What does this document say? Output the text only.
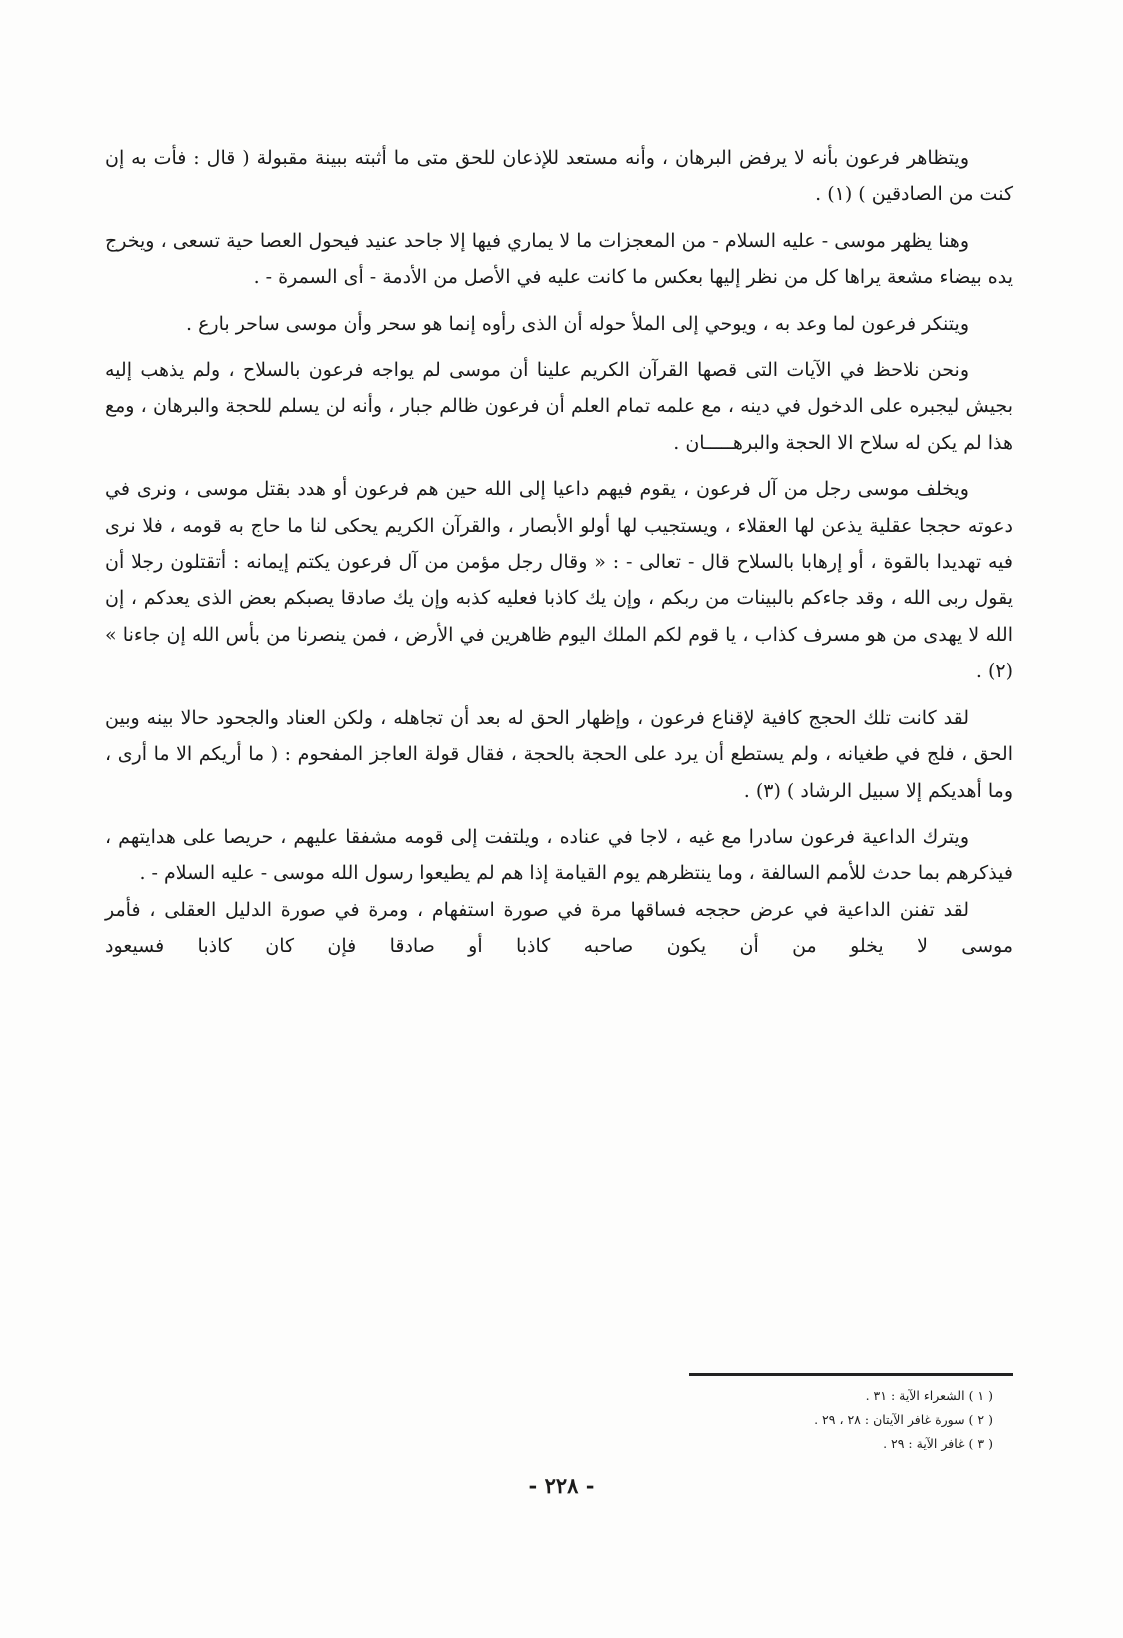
ويتظاهر فرعون بأنه لا يرفض البرهان ، وأنه مستعد للإذعان للحق متى ما أثبته ببينة مقبولة ( قال : فأت به إن كنت من الصادقين ) (١) .

وهنا يظهر موسى - عليه السلام - من المعجزات ما لا يماري فيها إلا جاحد عنيد فيحول العصا حية تسعى ، ويخرج يده بيضاء مشعة يراها كل من نظر إليها بعكس ما كانت عليه في الأصل من الأدمة - أى السمرة - .

ويتنكر فرعون لما وعد به ، ويوحي إلى الملأ حوله أن الذى رأوه إنما هو سحر وأن موسى ساحر بارع .

ونحن نلاحظ في الآيات التى قصها القرآن الكريم علينا أن موسى لم يواجه فرعون بالسلاح ، ولم يذهب إليه بجيش ليجبره على الدخول في دينه ، مع علمه تمام العلم أن فرعون ظالم جبار ، وأنه لن يسلم للحجة والبرهان ، ومع هذا لم يكن له سلاح الا الحجة والبرهـــــان .

ويخلف موسى رجل من آل فرعون ، يقوم فيهم داعيا إلى الله حين هم فرعون أو هدد بقتل موسى ، ونرى في دعوته حججا عقلية يذعن لها العقلاء ، ويستجيب لها أولو الأبصار ، والقرآن الكريم يحكى لنا ما حاج به قومه ، فلا نرى فيه تهديدا بالقوة ، أو إرهابا بالسلاح قال - تعالى - : « وقال رجل مؤمن من آل فرعون يكتم إيمانه : أتقتلون رجلا أن يقول ربى الله ، وقد جاءكم بالبينات من ربكم ، وإن يك كاذبا فعليه كذبه وإن يك صادقا يصبكم بعض الذى يعدكم ، إن الله لا يهدى من هو مسرف كذاب ، يا قوم لكم الملك اليوم ظاهرين في الأرض ، فمن ينصرنا من بأس الله إن جاءنا » (٢) .

لقد كانت تلك الحجج كافية لإقناع فرعون ، وإظهار الحق له بعد أن تجاهله ، ولكن العناد والجحود حالا بينه وبين الحق ، فلج في طغيانه ، ولم يستطع أن يرد على الحجة بالحجة ، فقال قولة العاجز المفحوم : ( ما أريكم الا ما أرى ، وما أهديكم إلا سبيل الرشاد ) (٣) .

ويترك الداعية فرعون سادرا مع غيه ، لاجا في عناده ، ويلتفت إلى قومه مشفقا عليهم ، حريصا على هدايتهم ، فيذكرهم بما حدث للأمم السالفة ، وما ينتظرهم يوم القيامة إذا هم لم يطيعوا رسول الله موسى - عليه السلام - .

لقد تفنن الداعية في عرض حججه فساقها مرة في صورة استفهام ، ومرة في صورة الدليل العقلى ، فأمر موسى لا يخلو من أن يكون صاحبه كاذبا أو صادقا فإن كان كاذبا فسيعود

( ١ ) الشعراء الآية : ٣١ .

( ٢ ) سورة غافر الآيتان : ٢٨ ، ٢٩ .

( ٣ ) غافر الآية : ٢٩ .

- ٢٢٨ -
